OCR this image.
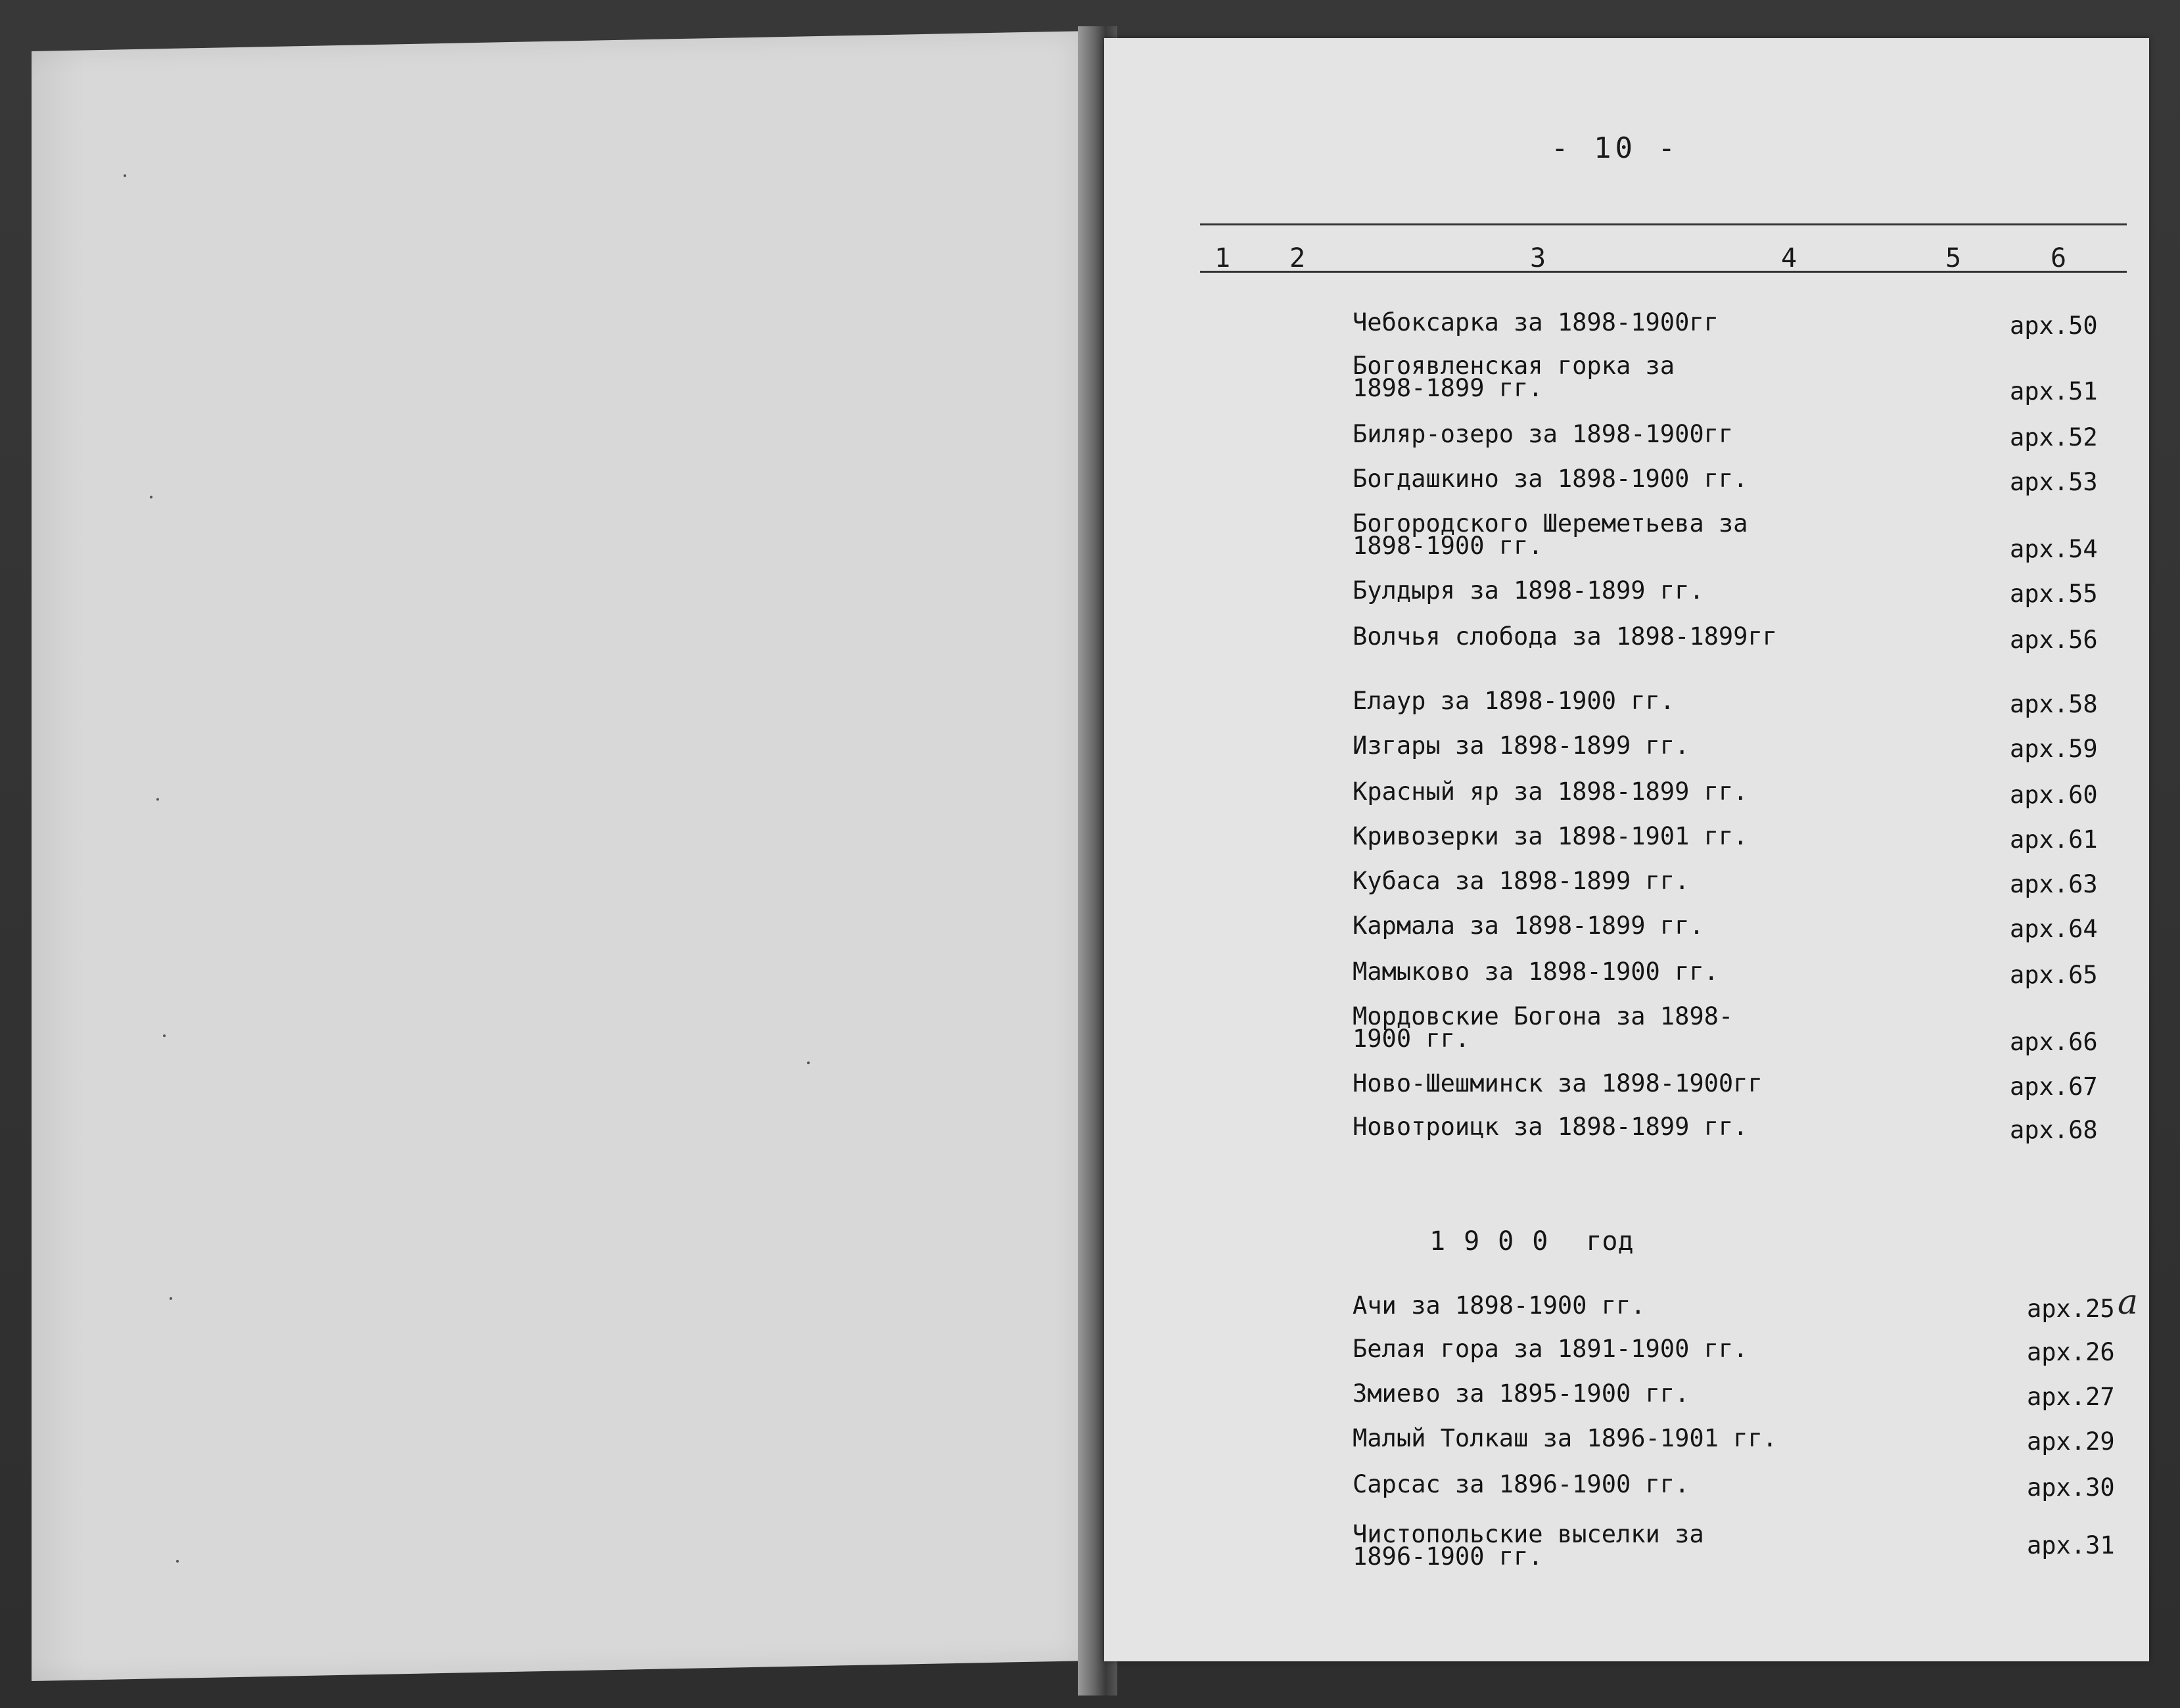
- 10 -
1 2	3	4	5	6
Чебоксарка за 1898-1900гг	арх.50
Богоявленская горка за
1898-1899 гг.	арх.51
Биляр-озеро за 1898-1900гг	арх.52
Богдашкино за 1898-1900 гг.	арх.53
Богородского Шереметьева за
1898-1900 гг.	арх.54
Булдыря за 1898-1899 гг.	арх.55
Волчья слобода за 1898-1899гг	арх.56
Елаур за 1898-1900 гг.	арх.58
Изгары за 1898-1899 гг.	арх.59
Красный яр за 1898-1899 гг.	арх.60
Кривозерки за 1898-1901 гг.	арх.61
Кубаса за 1898-1899 гг.	арх.63
Кармала за 1898-1899 гг.	арх.64
Мамыково за 1898-1900 гг.	арх.65
Мордовские Богона за 1898-
1900 гг.	арх.66
Ново-Шешминск за 1898-1900гг	арх.67
Новотроицк за 1898-1899 гг.	арх.68
1900 год
Ачи за 1898-1900 гг.	арх.25 а
Белая гора за 1891-1900 гг.	арх.26
Змиево за 1895-1900 гг.	арх.27
Малый Толкаш за 1896-1901 гг.	арх.29
Сарсас за 1896-1900 гг.	арх.30
Чистопольские выселки за
1896-1900 гг.	арх.31
